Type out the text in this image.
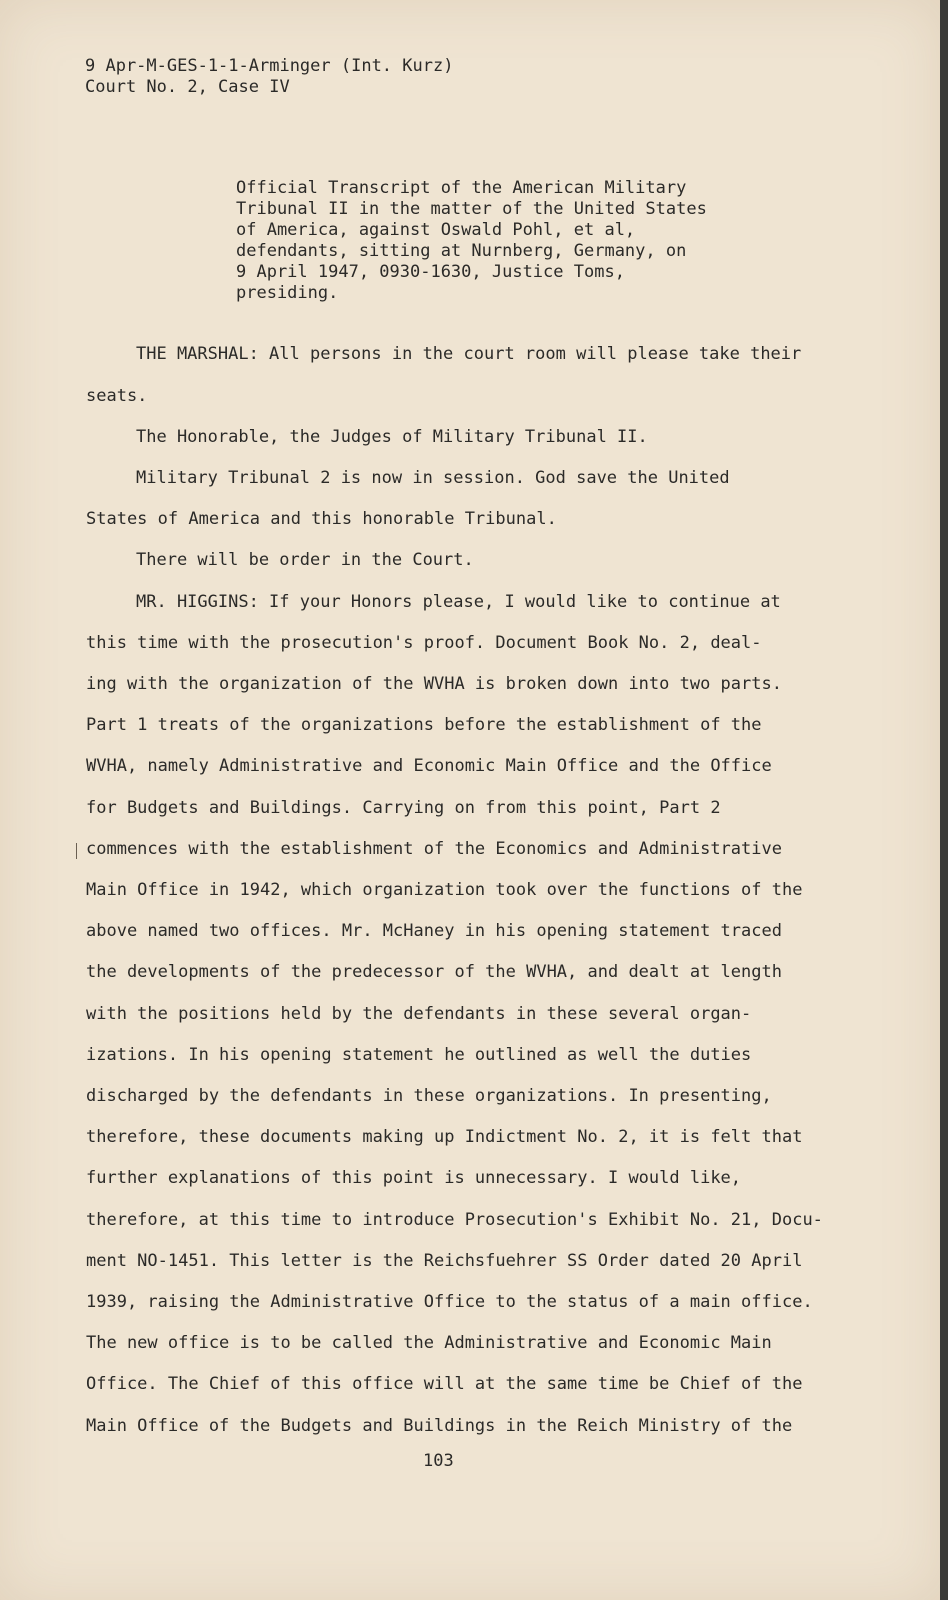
9 Apr-M-GES-1-1-Arminger (Int. Kurz)
Court No. 2, Case IV
Official Transcript of the American Military
Tribunal II in the matter of the United States
of America, against Oswald Pohl, et al,
defendants, sitting at Nurnberg, Germany, on
9 April 1947, 0930-1630, Justice Toms,
presiding.
THE MARSHAL: All persons in the court room will please take their
seats.
The Honorable, the Judges of Military Tribunal II.
Military Tribunal 2 is now in session. God save the United
States of America and this honorable Tribunal.
There will be order in the Court.
MR. HIGGINS: If your Honors please, I would like to continue at
this time with the prosecution's proof. Document Book No. 2, deal-
ing with the organization of the WVHA is broken down into two parts.
Part 1 treats of the organizations before the establishment of the
WVHA, namely Administrative and Economic Main Office and the Office
for Budgets and Buildings. Carrying on from this point, Part 2
commences with the establishment of the Economics and Administrative
Main Office in 1942, which organization took over the functions of the
above named two offices. Mr. McHaney in his opening statement traced
the developments of the predecessor of the WVHA, and dealt at length
with the positions held by the defendants in these several organ-
izations. In his opening statement he outlined as well the duties
discharged by the defendants in these organizations. In presenting,
therefore, these documents making up Indictment No. 2, it is felt that
further explanations of this point is unnecessary. I would like,
therefore, at this time to introduce Prosecution's Exhibit No. 21, Docu-
ment NO-1451. This letter is the Reichsfuehrer SS Order dated 20 April
1939, raising the Administrative Office to the status of a main office.
The new office is to be called the Administrative and Economic Main
Office. The Chief of this office will at the same time be Chief of the
Main Office of the Budgets and Buildings in the Reich Ministry of the
103
